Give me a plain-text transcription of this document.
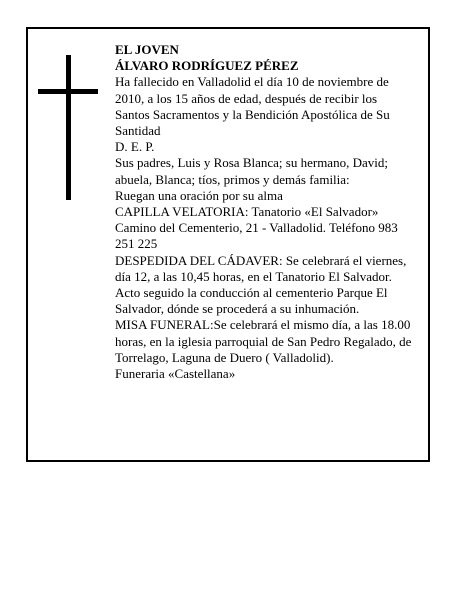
EL JOVEN
ÁLVARO RODRÍGUEZ PÉREZ
Ha fallecido en Valladolid el día 10 de noviembre de 2010, a los 15 años de edad, después de recibir los Santos Sacramentos y la Bendición Apostólica de Su Santidad
D. E. P.
Sus padres, Luis y Rosa Blanca; su hermano, David; abuela, Blanca; tíos, primos y demás familia:
Ruegan una oración por su alma
CAPILLA VELATORIA: Tanatorio «El Salvador» Camino del Cementerio, 21 - Valladolid. Teléfono 983 251 225
DESPEDIDA DEL CÁDAVER: Se celebrará el viernes, día 12, a las 10,45 horas, en el Tanatorio El Salvador. Acto seguido la conducción al cementerio Parque El Salvador, dónde se procederá a su inhumación.
MISA FUNERAL:Se celebrará el mismo día, a las 18.00 horas, en la iglesia parroquial de San Pedro Regalado, de Torrelago, Laguna de Duero ( Valladolid).
Funeraria «Castellana»
